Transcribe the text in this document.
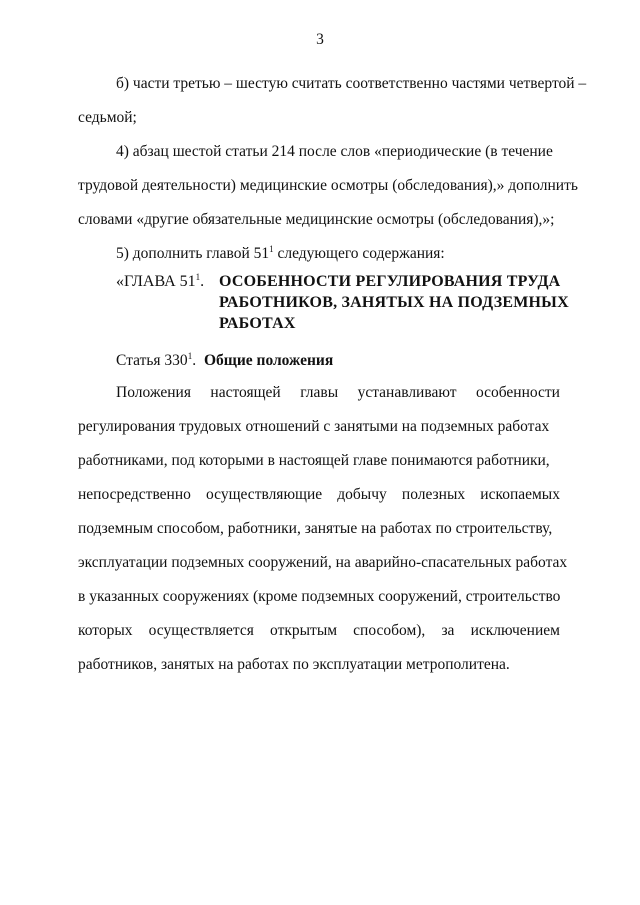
3
б) части третью – шестую считать соответственно частями четвертой –
седьмой;
4) абзац шестой статьи 214 после слов «периодические (в течение
трудовой деятельности) медицинские осмотры (обследования),» дополнить
словами «другие обязательные медицинские осмотры (обследования),»;
5) дополнить главой $51^1$ следующего содержания:
«ГЛАВА $51^1$. ОСОБЕННОСТИ РЕГУЛИРОВАНИЯ ТРУДА
РАБОТНИКОВ, ЗАНЯТЫХ НА ПОДЗЕМНЫХ
РАБОТАХ
Статья $330^1$. Общие положения
Положения настоящей главы устанавливают особенности
регулирования трудовых отношений с занятыми на подземных работах
работниками, под которыми в настоящей главе понимаются работники,
непосредственно осуществляющие добычу полезных ископаемых
подземным способом, работники, занятые на работах по строительству,
эксплуатации подземных сооружений, на аварийно-спасательных работах
в указанных сооружениях (кроме подземных сооружений, строительство
которых осуществляется открытым способом), за исключением
работников, занятых на работах по эксплуатации метрополитена.
